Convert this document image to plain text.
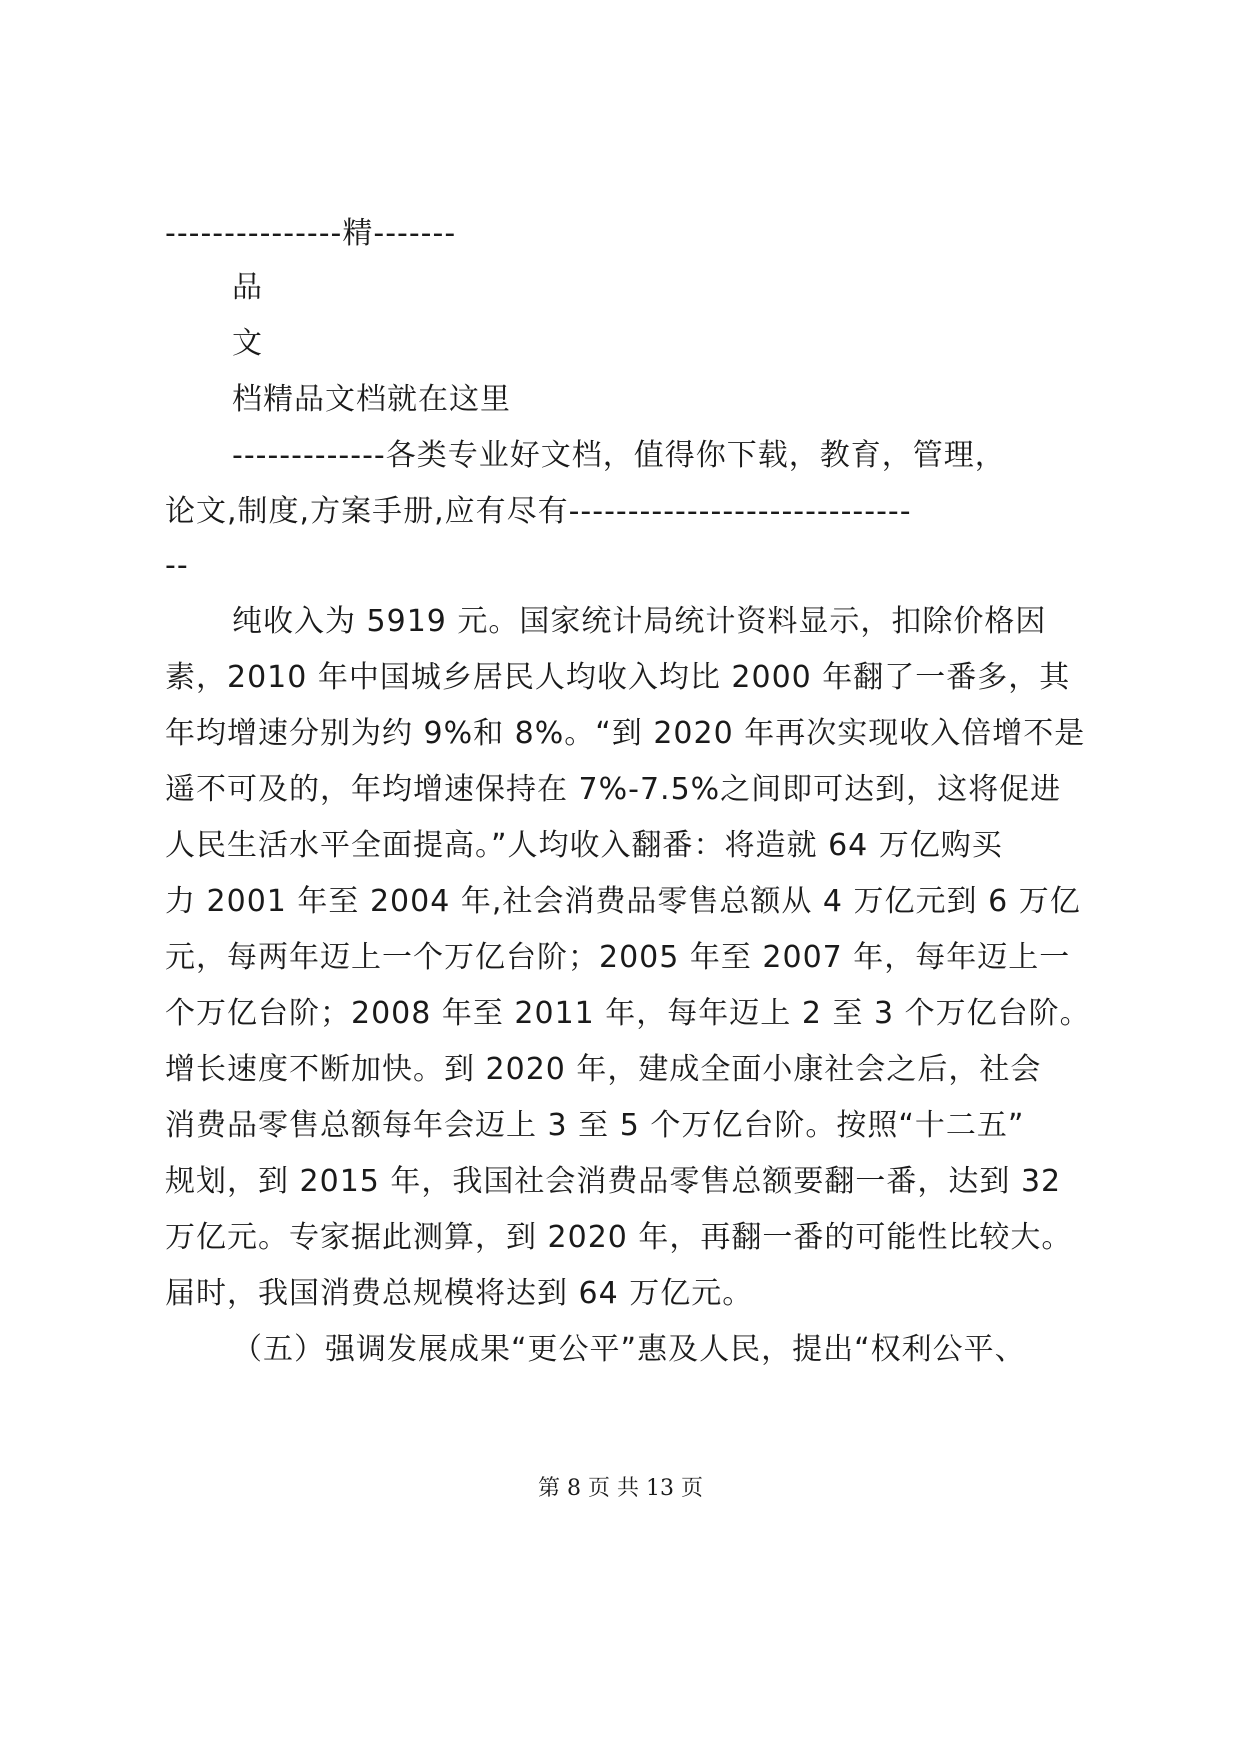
---------------精-------
品
文
档精品文档就在这里
-------------各类专业好文档，值得你下载，教育，管理，
论文,制度,方案手册,应有尽有-----------------------------
--
纯收入为 5919 元。国家统计局统计资料显示，扣除价格因
素，2010 年中国城乡居民人均收入均比 2000 年翻了一番多，其
年均增速分别为约 9%和 8%。“到 2020 年再次实现收入倍增不是
遥不可及的，年均增速保持在 7%-7.5%之间即可达到，这将促进
人民生活水平全面提高。”人均收入翻番：将造就 64 万亿购买
力 2001 年至 2004 年,社会消费品零售总额从 4 万亿元到 6 万亿
元，每两年迈上一个万亿台阶；2005 年至 2007 年，每年迈上一
个万亿台阶；2008 年至 2011 年，每年迈上 2 至 3 个万亿台阶。
增长速度不断加快。到 2020 年，建成全面小康社会之后，社会
消费品零售总额每年会迈上 3 至 5 个万亿台阶。按照“十二五”
规划，到 2015 年，我国社会消费品零售总额要翻一番，达到 32
万亿元。专家据此测算，到 2020 年，再翻一番的可能性比较大。
届时，我国消费总规模将达到 64 万亿元。
（五）强调发展成果“更公平”惠及人民，提出“权利公平、
第 8 页 共 13 页
